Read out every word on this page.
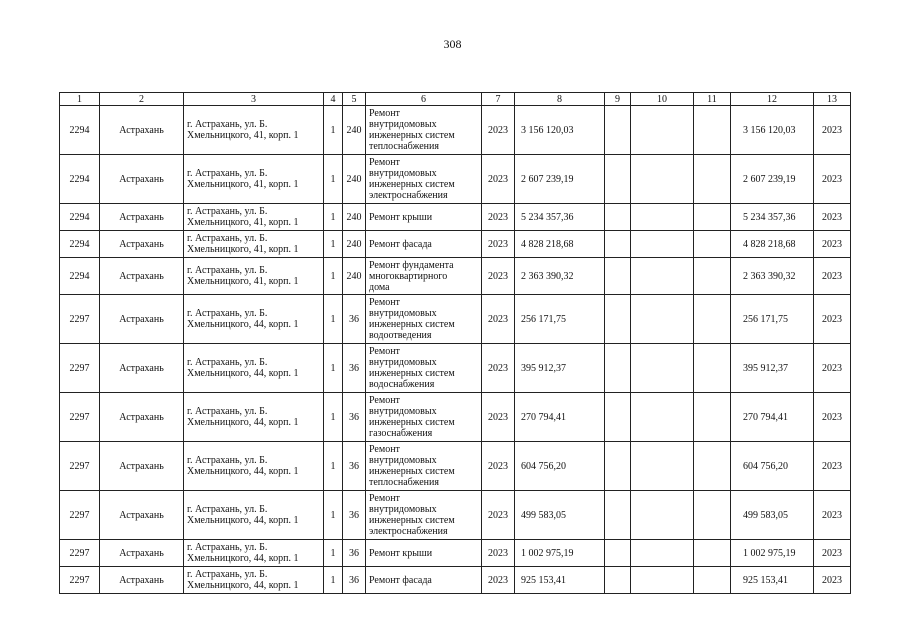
308
1	2	3	4	5	6	7	8	9	10	11	12	13
2294	Астрахань	г. Астрахань, ул. Б.
Хмельницкого, 41, корп. 1	1	240	Ремонт
внутридомовых
инженерных систем
теплоснабжения	2023	3 156 120,03				3 156 120,03	2023
2294	Астрахань	г. Астрахань, ул. Б.
Хмельницкого, 41, корп. 1	1	240	Ремонт
внутридомовых
инженерных систем
электроснабжения	2023	2 607 239,19				2 607 239,19	2023
2294	Астрахань	г. Астрахань, ул. Б.
Хмельницкого, 41, корп. 1	1	240	Ремонт крыши	2023	5 234 357,36				5 234 357,36	2023
2294	Астрахань	г. Астрахань, ул. Б.
Хмельницкого, 41, корп. 1	1	240	Ремонт фасада	2023	4 828 218,68				4 828 218,68	2023
2294	Астрахань	г. Астрахань, ул. Б.
Хмельницкого, 41, корп. 1	1	240	Ремонт фундамента
многоквартирного
дома	2023	2 363 390,32				2 363 390,32	2023
2297	Астрахань	г. Астрахань, ул. Б.
Хмельницкого, 44, корп. 1	1	36	Ремонт
внутридомовых
инженерных систем
водоотведения	2023	256 171,75				256 171,75	2023
2297	Астрахань	г. Астрахань, ул. Б.
Хмельницкого, 44, корп. 1	1	36	Ремонт
внутридомовых
инженерных систем
водоснабжения	2023	395 912,37				395 912,37	2023
2297	Астрахань	г. Астрахань, ул. Б.
Хмельницкого, 44, корп. 1	1	36	Ремонт
внутридомовых
инженерных систем
газоснабжения	2023	270 794,41				270 794,41	2023
2297	Астрахань	г. Астрахань, ул. Б.
Хмельницкого, 44, корп. 1	1	36	Ремонт
внутридомовых
инженерных систем
теплоснабжения	2023	604 756,20				604 756,20	2023
2297	Астрахань	г. Астрахань, ул. Б.
Хмельницкого, 44, корп. 1	1	36	Ремонт
внутридомовых
инженерных систем
электроснабжения	2023	499 583,05				499 583,05	2023
2297	Астрахань	г. Астрахань, ул. Б.
Хмельницкого, 44, корп. 1	1	36	Ремонт крыши	2023	1 002 975,19				1 002 975,19	2023
2297	Астрахань	г. Астрахань, ул. Б.
Хмельницкого, 44, корп. 1	1	36	Ремонт фасада	2023	925 153,41				925 153,41	2023
